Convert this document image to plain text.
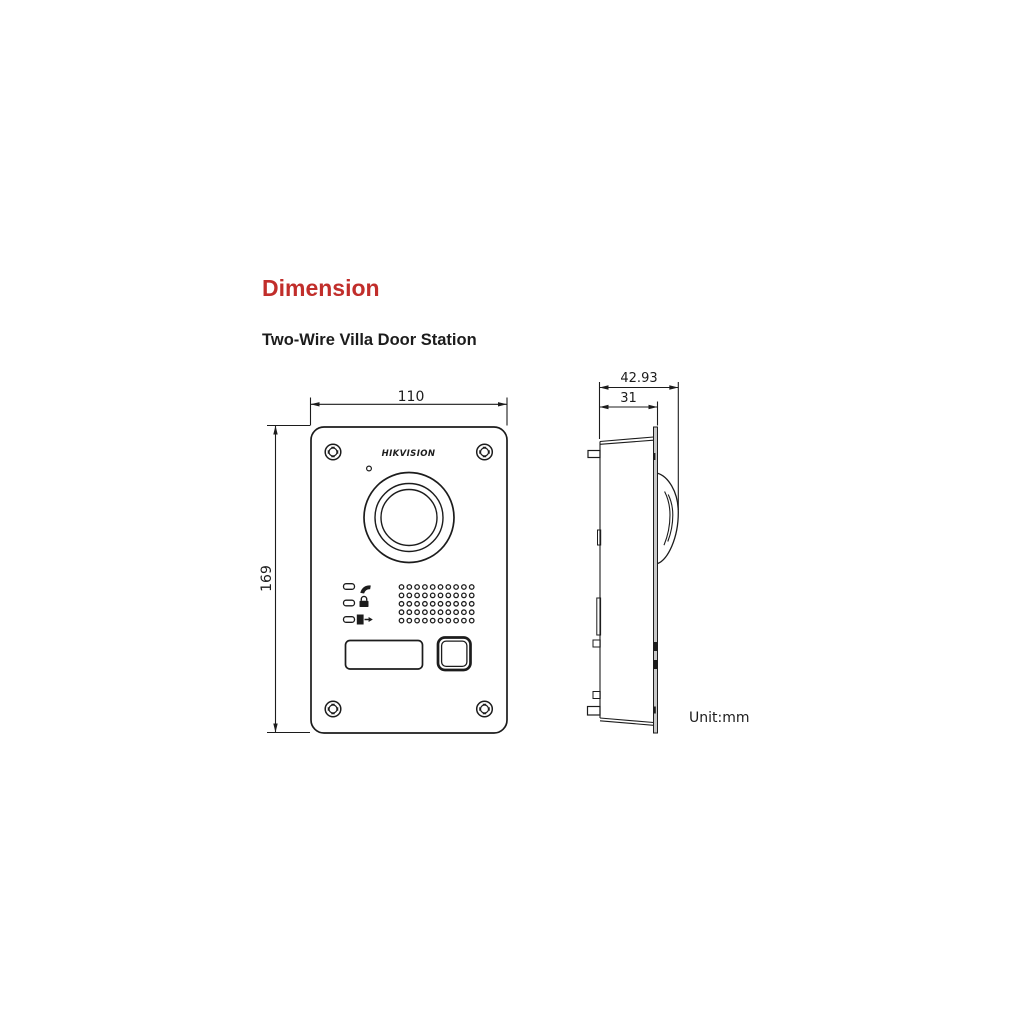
Dimension
Two-Wire Villa Door Station
110
169
HIKVISION
42.93
31
Unit:mm
